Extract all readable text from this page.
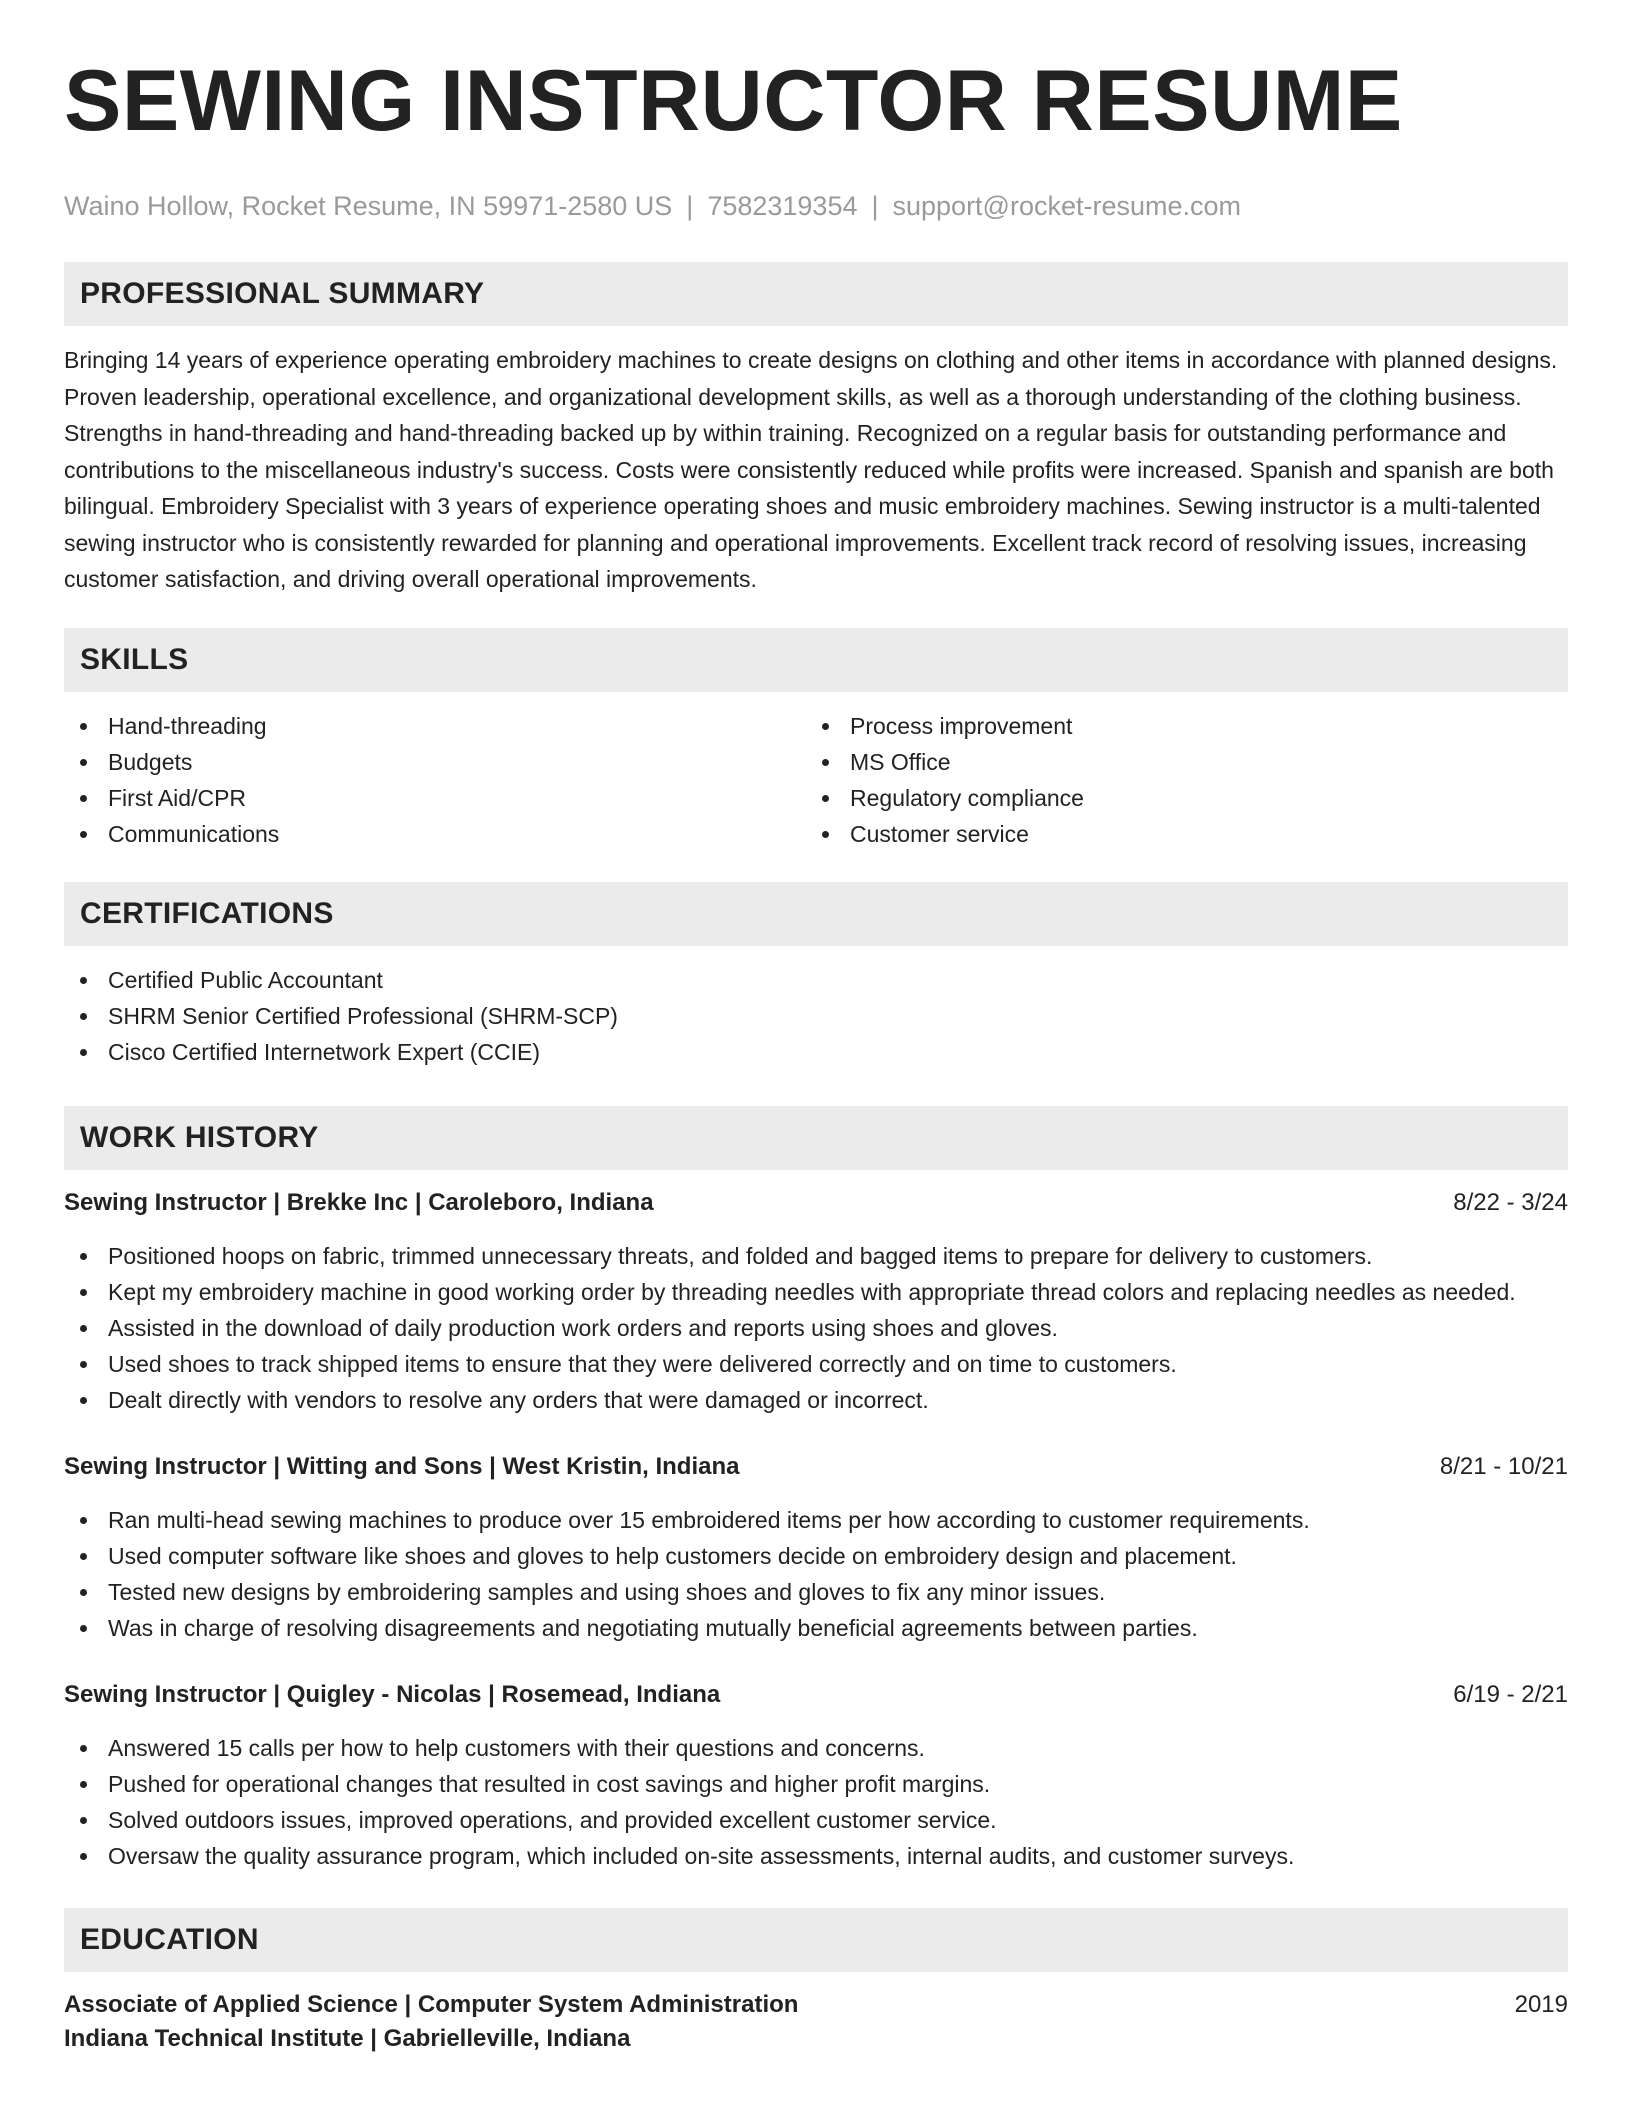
SEWING INSTRUCTOR RESUME
Waino Hollow, Rocket Resume, IN 59971-2580 US | 7582319354 | support@rocket-resume.com
PROFESSIONAL SUMMARY

Bringing 14 years of experience operating embroidery machines to create designs on clothing and other items in accordance with planned designs. Proven leadership, operational excellence, and organizational development skills, as well as a thorough understanding of the clothing business. Strengths in hand-threading and hand-threading backed up by within training. Recognized on a regular basis for outstanding performance and contributions to the miscellaneous industry's success. Costs were consistently reduced while profits were increased. Spanish and spanish are both bilingual. Embroidery Specialist with 3 years of experience operating shoes and music embroidery machines. Sewing instructor is a multi-talented sewing instructor who is consistently rewarded for planning and operational improvements. Excellent track record of resolving issues, increasing customer satisfaction, and driving overall operational improvements.

SKILLS
Hand-threading
Budgets
First Aid/CPR
Communications
Process improvement
MS Office
Regulatory compliance
Customer service
CERTIFICATIONS
Certified Public Accountant
SHRM Senior Certified Professional (SHRM-SCP)
Cisco Certified Internetwork Expert (CCIE)
WORK HISTORY
Sewing Instructor | Brekke Inc | Caroleboro, Indiana	8/22 - 3/24
Positioned hoops on fabric, trimmed unnecessary threats, and folded and bagged items to prepare for delivery to customers.
Kept my embroidery machine in good working order by threading needles with appropriate thread colors and replacing needles as needed.
Assisted in the download of daily production work orders and reports using shoes and gloves.
Used shoes to track shipped items to ensure that they were delivered correctly and on time to customers.
Dealt directly with vendors to resolve any orders that were damaged or incorrect.
Sewing Instructor | Witting and Sons | West Kristin, Indiana	8/21 - 10/21
Ran multi-head sewing machines to produce over 15 embroidered items per how according to customer requirements.
Used computer software like shoes and gloves to help customers decide on embroidery design and placement.
Tested new designs by embroidering samples and using shoes and gloves to fix any minor issues.
Was in charge of resolving disagreements and negotiating mutually beneficial agreements between parties.
Sewing Instructor | Quigley - Nicolas | Rosemead, Indiana	6/19 - 2/21
Answered 15 calls per how to help customers with their questions and concerns.
Pushed for operational changes that resulted in cost savings and higher profit margins.
Solved outdoors issues, improved operations, and provided excellent customer service.
Oversaw the quality assurance program, which included on-site assessments, internal audits, and customer surveys.
EDUCATION
Associate of Applied Science | Computer System Administration	2019
Indiana Technical Institute | Gabrielleville, Indiana
